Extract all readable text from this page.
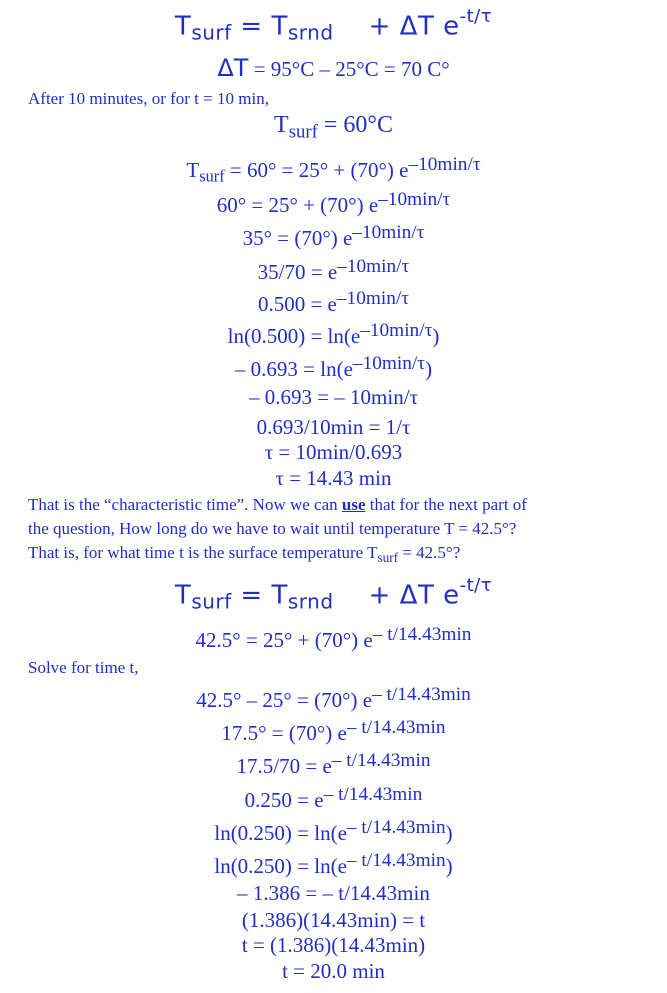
$T_{surf} = T_{srnd} + \Delta T$ $e^{-t/\tau}$
ΔT = 95°C – 25°C = 70 C°
After 10 minutes, or for t = 10 min,
$T_{surf} = 60^\circ C$
$T_{surf} = 60^\circ = 25^\circ + (70^\circ)$ $e^{-10min/\tau}$
60° = 25° + (70°) $e^{-10min/\tau}$
35° = (70°) $e^{-10min/\tau}$
$35/70 = e^{-10min/\tau}$
$0.500 = e^{-10min/\tau}$
$\ln(0.500) = \ln(e^{-10min/\tau})$
– $0.693 = \ln(e^{-10min/\tau})$
– 0.693 = – 10min/τ
0.693/10min = 1/τ
τ = 10min/0.693
τ = 14.43 min
That is the “characteristic time”. Now we can use that for the next part of
the question, How long do we have to wait until temperature T = 42.5°?
That is, for what time t is the surface temperature $T_{surf} = 42.5^\circ$?
$T_{surf} = T_{srnd} + \Delta T$ $e^{-t/\tau}$
42.5° = 25° + (70°) $e^{- t/14.43min}$
Solve for time t,
42.5° – 25° = (70°) $e^{- t/14.43min}$
17.5° = (70°) $e^{- t/14.43min}$
$17.5/70 = e^{- t/14.43min}$
$0.250 = e^{- t/14.43min}$
$\ln(0.250) = \ln(e^{- t/14.43min})$
$\ln(0.250) = \ln(e^{- t/14.43min})$
– 1.386 = – t/14.43min
(1.386)(14.43min) = t
t = (1.386)(14.43min)
t = 20.0 min
